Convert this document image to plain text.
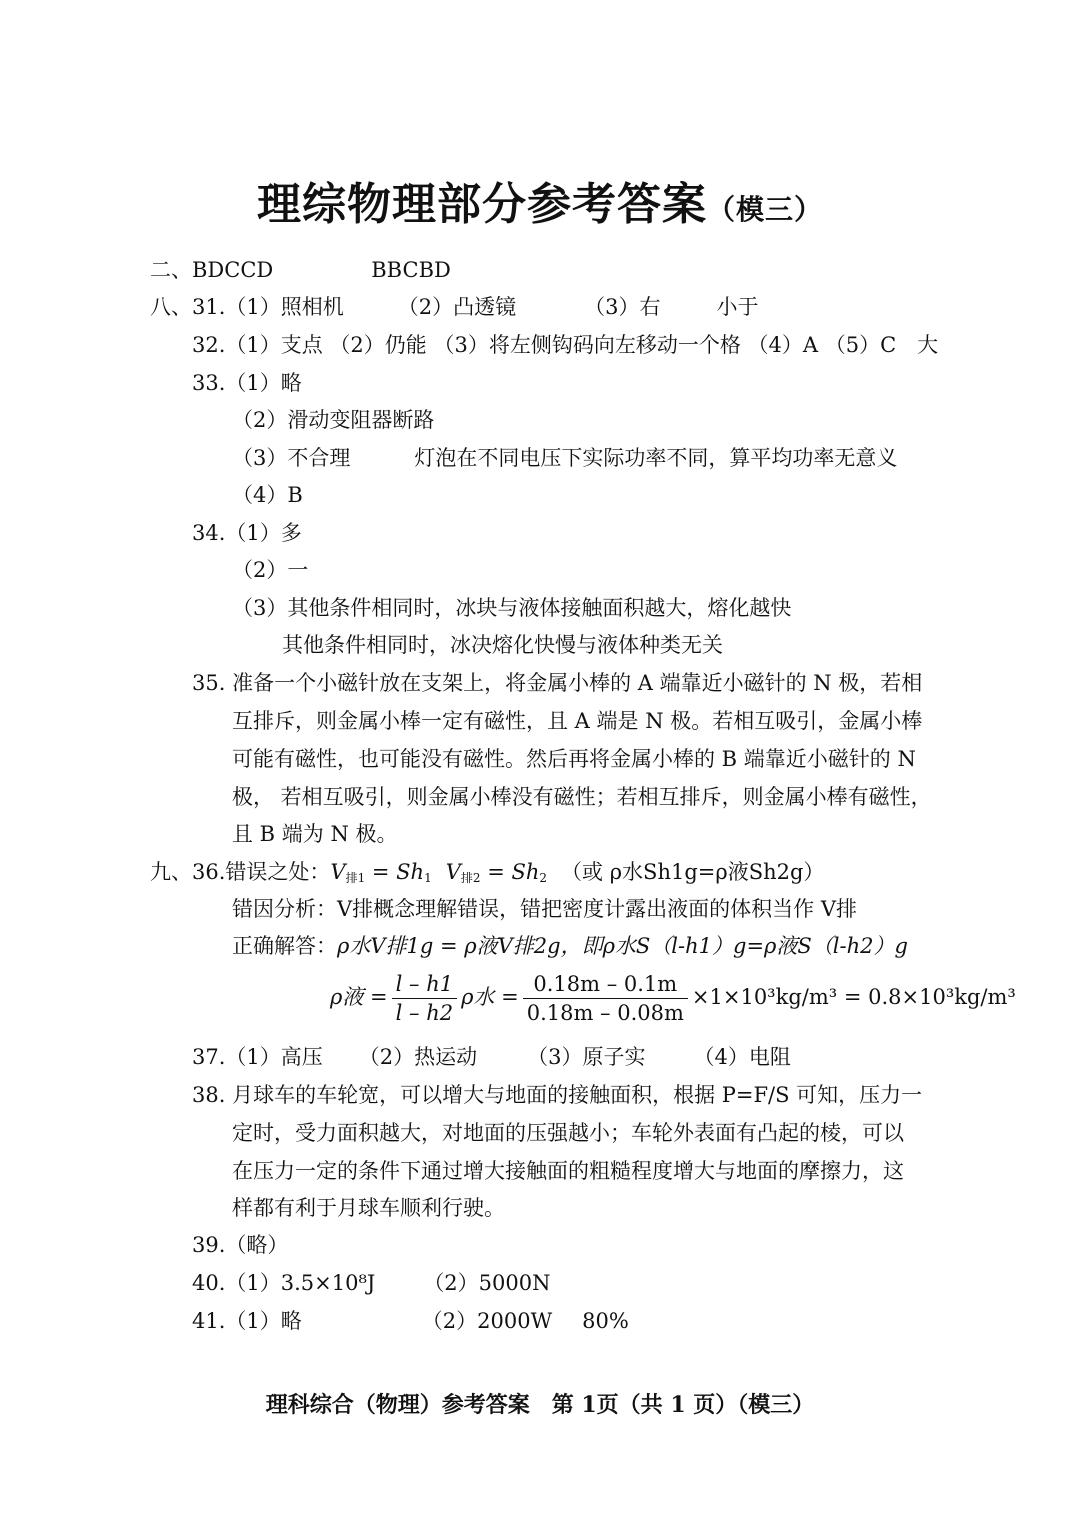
理综物理部分参考答案（模三）
二、BDCCD	BBCBD
八、31.（1）照相机	（2）凸透镜	（3）右	小于
32.（1）支点 （2）仍能 （3）将左侧钩码向左移动一个格 （4）A （5）C　大
33.（1）略
（2）滑动变阻器断路
（3）不合理	灯泡在不同电压下实际功率不同，算平均功率无意义
（4）B
34.（1）多
（2）一
（3）其他条件相同时，冰块与液体接触面积越大，熔化越快
其他条件相同时，冰决熔化快慢与液体种类无关
35. 准备一个小磁针放在支架上，将金属小棒的 A 端靠近小磁针的 N 极，若相
互排斥，则金属小棒一定有磁性，且 A 端是 N 极。若相互吸引，金属小棒
可能有磁性，也可能没有磁性。然后再将金属小棒的 B 端靠近小磁针的 N
极， 若相互吸引，则金属小棒没有磁性；若相互排斥，则金属小棒有磁性，
且 B 端为 N 极。
九、36.错误之处：$V_{排1} = Sh_1$ $V_{排2} = Sh_2$ （或 ρ水Sh1g=ρ液Sh2g）
错因分析：V排概念理解错误，错把密度计露出液面的体积当作 V排
正确解答：ρ水V排1g = ρ液V排2g，即ρ水S（l-h1）g=ρ液S（l-h2）g
ρ液 = $\frac{l - h1}{l - h2}$ ρ水 = $\frac{0.18m - 0.1m}{0.18m - 0.08m} \times 1\times 10^3kg/m^3 = 0.8\times 10^3kg/m^3$
37.（1）高压 （2）热运动 （3）原子实 （4）电阻
38. 月球车的车轮宽，可以增大与地面的接触面积，根据 P=F/S 可知，压力一
定时，受力面积越大，对地面的压强越小；车轮外表面有凸起的棱，可以
在压力一定的条件下通过增大接触面的粗糙程度增大与地面的摩擦力，这
样都有利于月球车顺利行驶。
39.（略）
40.（1）3.5×10⁸J （2）5000N
41.（1）略	（2）2000W 80%
理科综合（物理）参考答案　第 1页（共 1 页）（模三）
